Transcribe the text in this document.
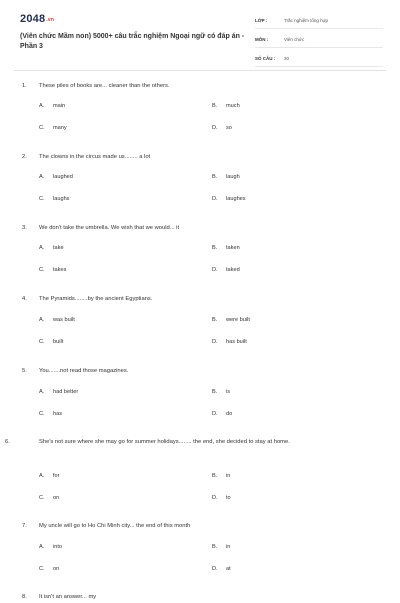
2048.vn
(Viên chức Mầm non) 5000+ câu trắc nghiệm Ngoại ngữ có đáp án - Phần 3
LỚP :	Trắc nghiệm tổng hợp
MÔN :	Viên chức
SỐ CÂU : 30
1. These piles of books are... cleaner than the others.
A. main	B. much
C. many	D. so
2. The clowns in the circus made us........ a lot
A. laughed	B. laugh
C. laughs	D. laughes
3. We don't take the umbrella. We wish that we would... it
A. take	B. taken
C. takes	D. taked
4. The Pyramids........by the ancient Egyptians.
A. was built	B. were built
C. built	D. has built
5. You.......not read those magazines.
A. had better	B. is
C. has	D. do
6.	She's not sure where she may go for summer holidays........ the end, she decided to stay at home.
A. for	B. in
C. on	D. to
7. My uncle will go to Ho Chi Minh city... the end of this month
A. into	B. in
C. on	D. at
8. It isn't an answer... my
